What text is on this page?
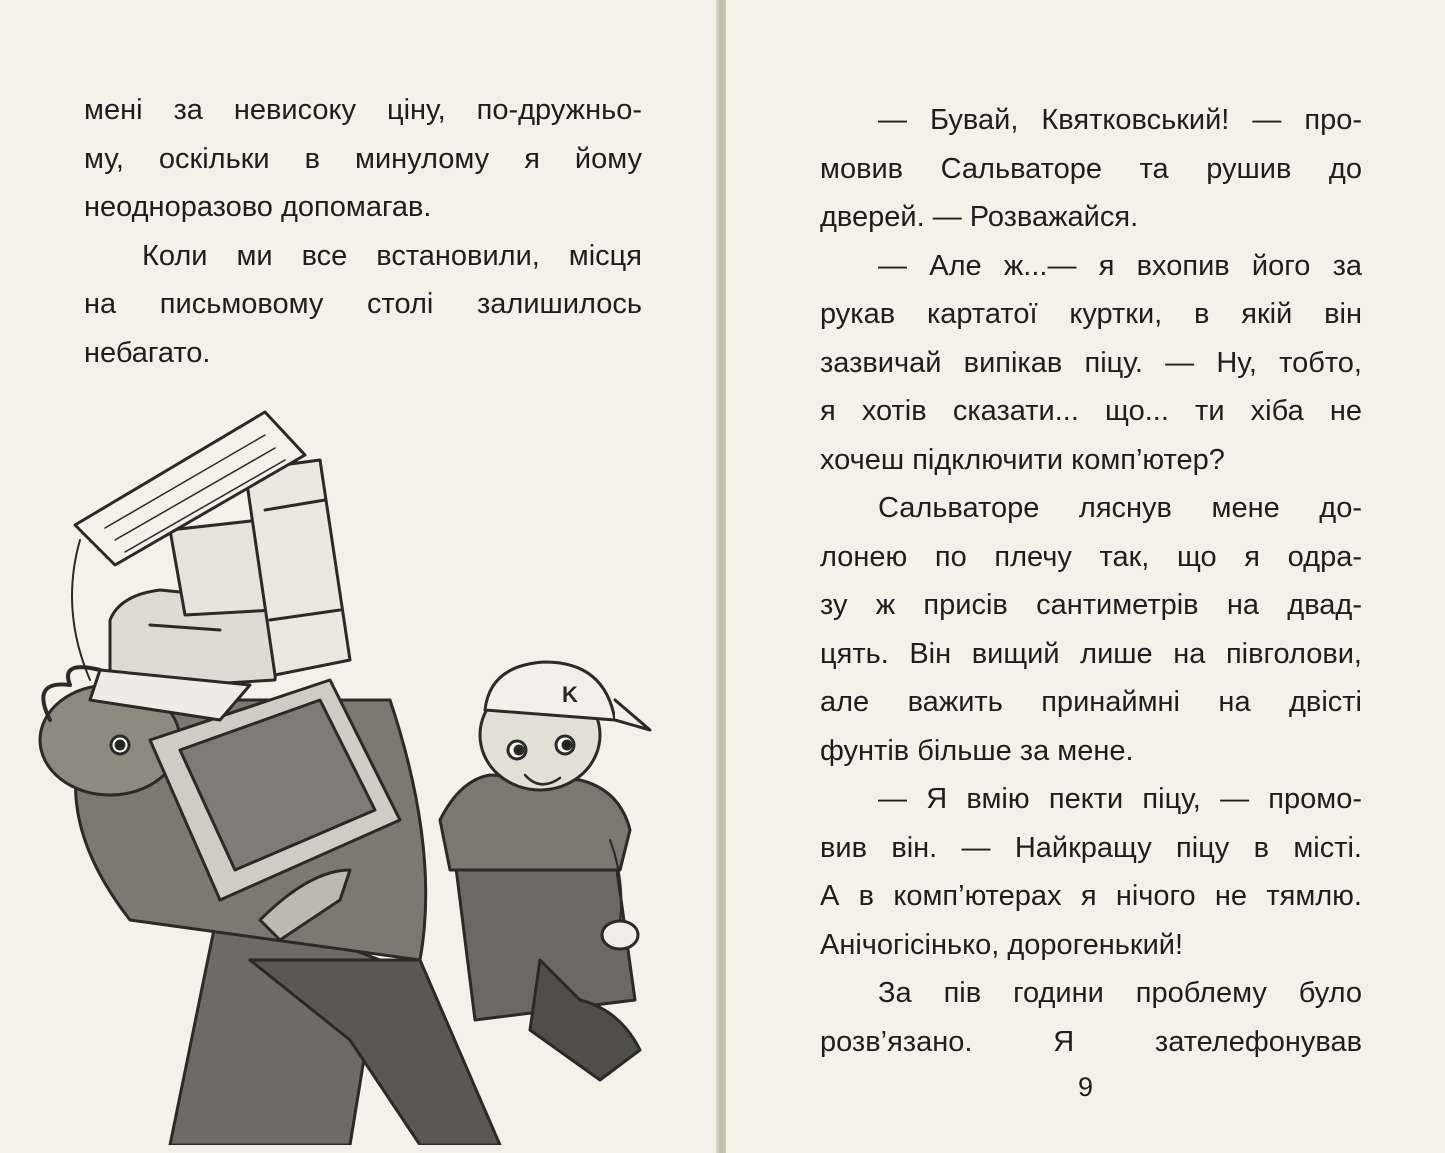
мені за невисоку ціну, по-дружньо-
му, оскільки в минулому я йому
неодноразово допомагав.
Коли ми все встановили, місця
на письмовому столі залишилось
небагато.
K
— Бувай, Квятковський! — про-
мовив Сальваторе та рушив до
дверей. — Розважайся.
— Але ж...— я вхопив його за
рукав картатої куртки, в якій він
зазвичай випікав піцу. — Ну, тобто,
я хотів сказати... що... ти хіба не
хочеш підключити комп’ютер?
Сальваторе ляснув мене до-
лонею по плечу так, що я одра-
зу ж присів сантиметрів на двад-
цять. Він вищий лише на півголови,
але важить принаймні на двісті
фунтів більше за мене.
— Я вмію пекти піцу, — промо-
вив він. — Найкращу піцу в місті.
А в комп’ютерах я нічого не тямлю.
Анічогісінько, дорогенький!
За пів години проблему було
розв’язано. Я зателефонував
9
